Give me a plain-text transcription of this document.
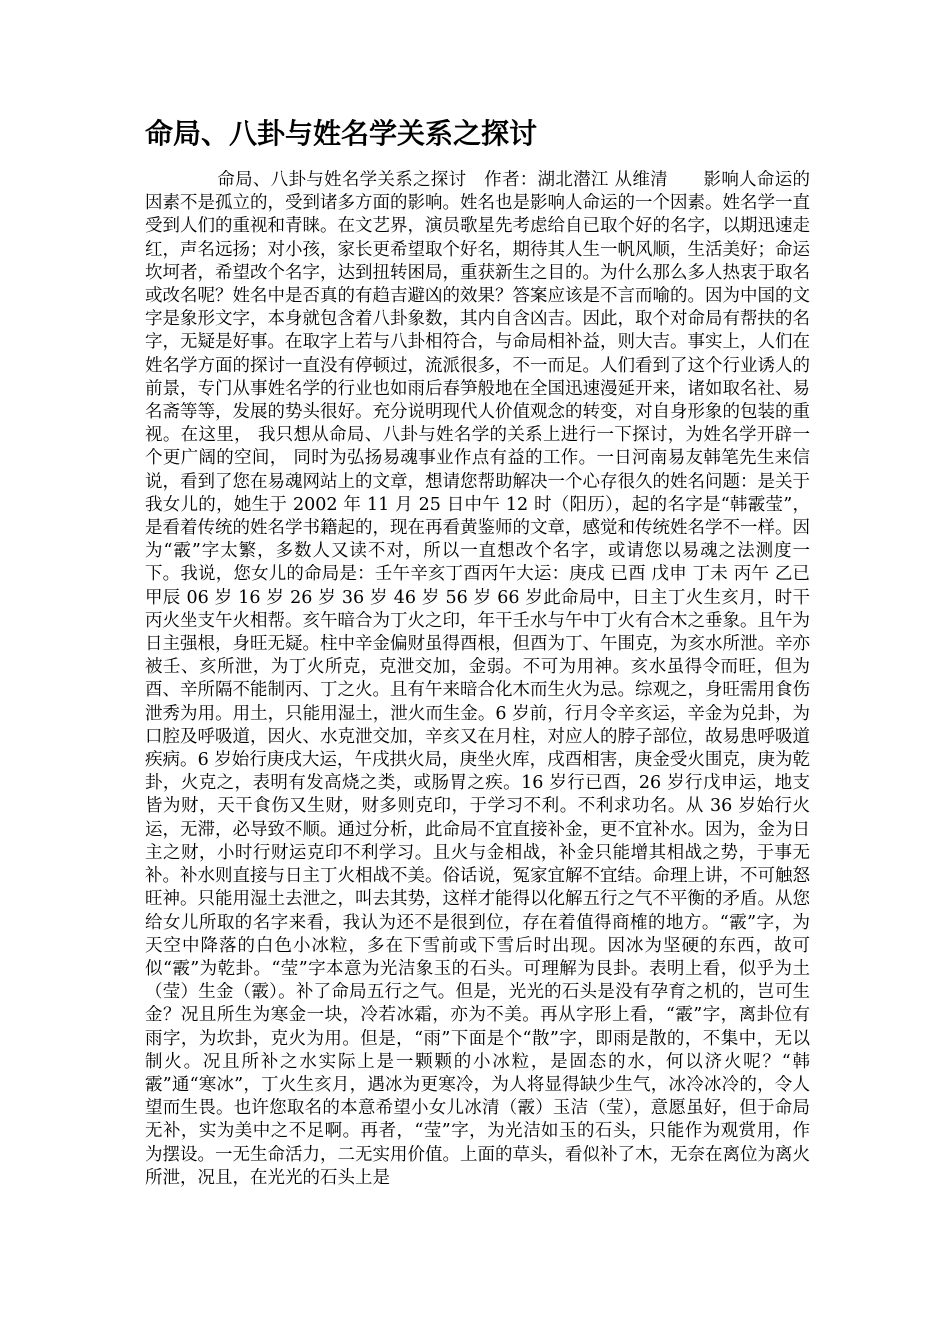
命局、八卦与姓名学关系之探讨

命局、八卦与姓名学关系之探讨　作者：湖北潜江 从维清　　影响人命运的因素不是孤立的，受到诸多方面的影响。姓名也是影响人命运的一个因素。姓名学一直受到人们的重视和青睐。在文艺界，演员歌星先考虑给自已取个好的名字，以期迅速走红，声名远扬；对小孩，家长更希望取个好名，期待其人生一帆风顺，生活美好；命运坎坷者，希望改个名字，达到扭转困局，重获新生之目的。为什么那么多人热衷于取名或改名呢？姓名中是否真的有趋吉避凶的效果？答案应该是不言而喻的。因为中国的文字是象形文字，本身就包含着八卦象数，其内自含凶吉。因此，取个对命局有帮扶的名字，无疑是好事。在取字上若与八卦相符合，与命局相补益，则大吉。事实上，人们在姓名学方面的探讨一直没有停顿过，流派很多，不一而足。人们看到了这个行业诱人的前景，专门从事姓名学的行业也如雨后春笋般地在全国迅速漫延开来，诸如取名社、易名斋等等，发展的势头很好。充分说明现代人价值观念的转变，对自身形象的包装的重视。在这里， 我只想从命局、八卦与姓名学的关系上进行一下探讨，为姓名学开辟一个更广阔的空间， 同时为弘扬易魂事业作点有益的工作。一日河南易友韩笔先生来信说，看到了您在易魂网站上的文章，想请您帮助解决一个心存很久的姓名问题：是关于我女儿的，她生于 2002 年 11 月 25 日中午 12 时（阳历），起的名字是“韩霰莹”，是看着传统的姓名学书籍起的，现在再看黄鉴师的文章，感觉和传统姓名学不一样。因为“霰”字太繁，多数人又读不对，所以一直想改个名字，或请您以易魂之法测度一下。我说，您女儿的命局是：壬午辛亥丁酉丙午大运：庚戌 已酉 戊申 丁未 丙午 乙已 甲辰 06 岁 16 岁 26 岁 36 岁 46 岁 56 岁 66 岁此命局中，日主丁火生亥月，时干丙火坐支午火相帮。亥午暗合为丁火之印，年干壬水与午中丁火有合木之垂象。且午为日主强根，身旺无疑。柱中辛金偏财虽得酉根，但酉为丁、午围克，为亥水所泄。辛亦被壬、亥所泄，为丁火所克，克泄交加，金弱。不可为用神。亥水虽得令而旺，但为酉、辛所隔不能制丙、丁之火。且有午来暗合化木而生火为忌。综观之，身旺需用食伤泄秀为用。用土，只能用湿土，泄火而生金。6 岁前，行月令辛亥运，辛金为兑卦，为口腔及呼吸道，因火、水克泄交加，辛亥又在月柱，对应人的脖子部位，故易患呼吸道疾病。6 岁始行庚戌大运，午戌拱火局，庚坐火库，戌酉相害，庚金受火围克，庚为乾卦，火克之，表明有发高烧之类，或肠胃之疾。16 岁行已酉，26 岁行戊申运，地支皆为财，天干食伤又生财，财多则克印，于学习不利。不利求功名。从 36 岁始行火运，无滞，必导致不顺。通过分析，此命局不宜直接补金，更不宜补水。因为，金为日主之财，小时行财运克印不利学习。且火与金相战，补金只能增其相战之势，于事无补。补水则直接与日主丁火相战不美。俗话说，冤家宜解不宜结。命理上讲，不可触怒旺神。只能用湿土去泄之，叫去其势，这样才能得以化解五行之气不平衡的矛盾。从您给女儿所取的名字来看，我认为还不是很到位，存在着值得商榷的地方。“霰”字，为天空中降落的白色小冰粒，多在下雪前或下雪后时出现。因冰为坚硬的东西，故可似“霰”为乾卦。“莹”字本意为光洁象玉的石头。可理解为艮卦。表明上看，似乎为土（莹）生金（霰）。补了命局五行之气。但是，光光的石头是没有孕育之机的，岂可生金？况且所生为寒金一块，冷若冰霜，亦为不美。再从字形上看，“霰”字，离卦位有雨字，为坎卦，克火为用。但是，“雨”下面是个“散”字，即雨是散的，不集中，无以制火。况且所补之水实际上是一颗颗的小冰粒，是固态的水，何以济火呢？“韩霰”通“寒冰”，丁火生亥月，遇冰为更寒冷，为人将显得缺少生气，冰冷冰冷的，令人望而生畏。也许您取名的本意希望小女儿冰清（霰）玉洁（莹），意愿虽好，但于命局无补，实为美中之不足啊。再者，“莹”字，为光洁如玉的石头，只能作为观赏用，作为摆设。一无生命活力，二无实用价值。上面的草头，看似补了木，无奈在离位为离火所泄，况且，在光光的石头上是
